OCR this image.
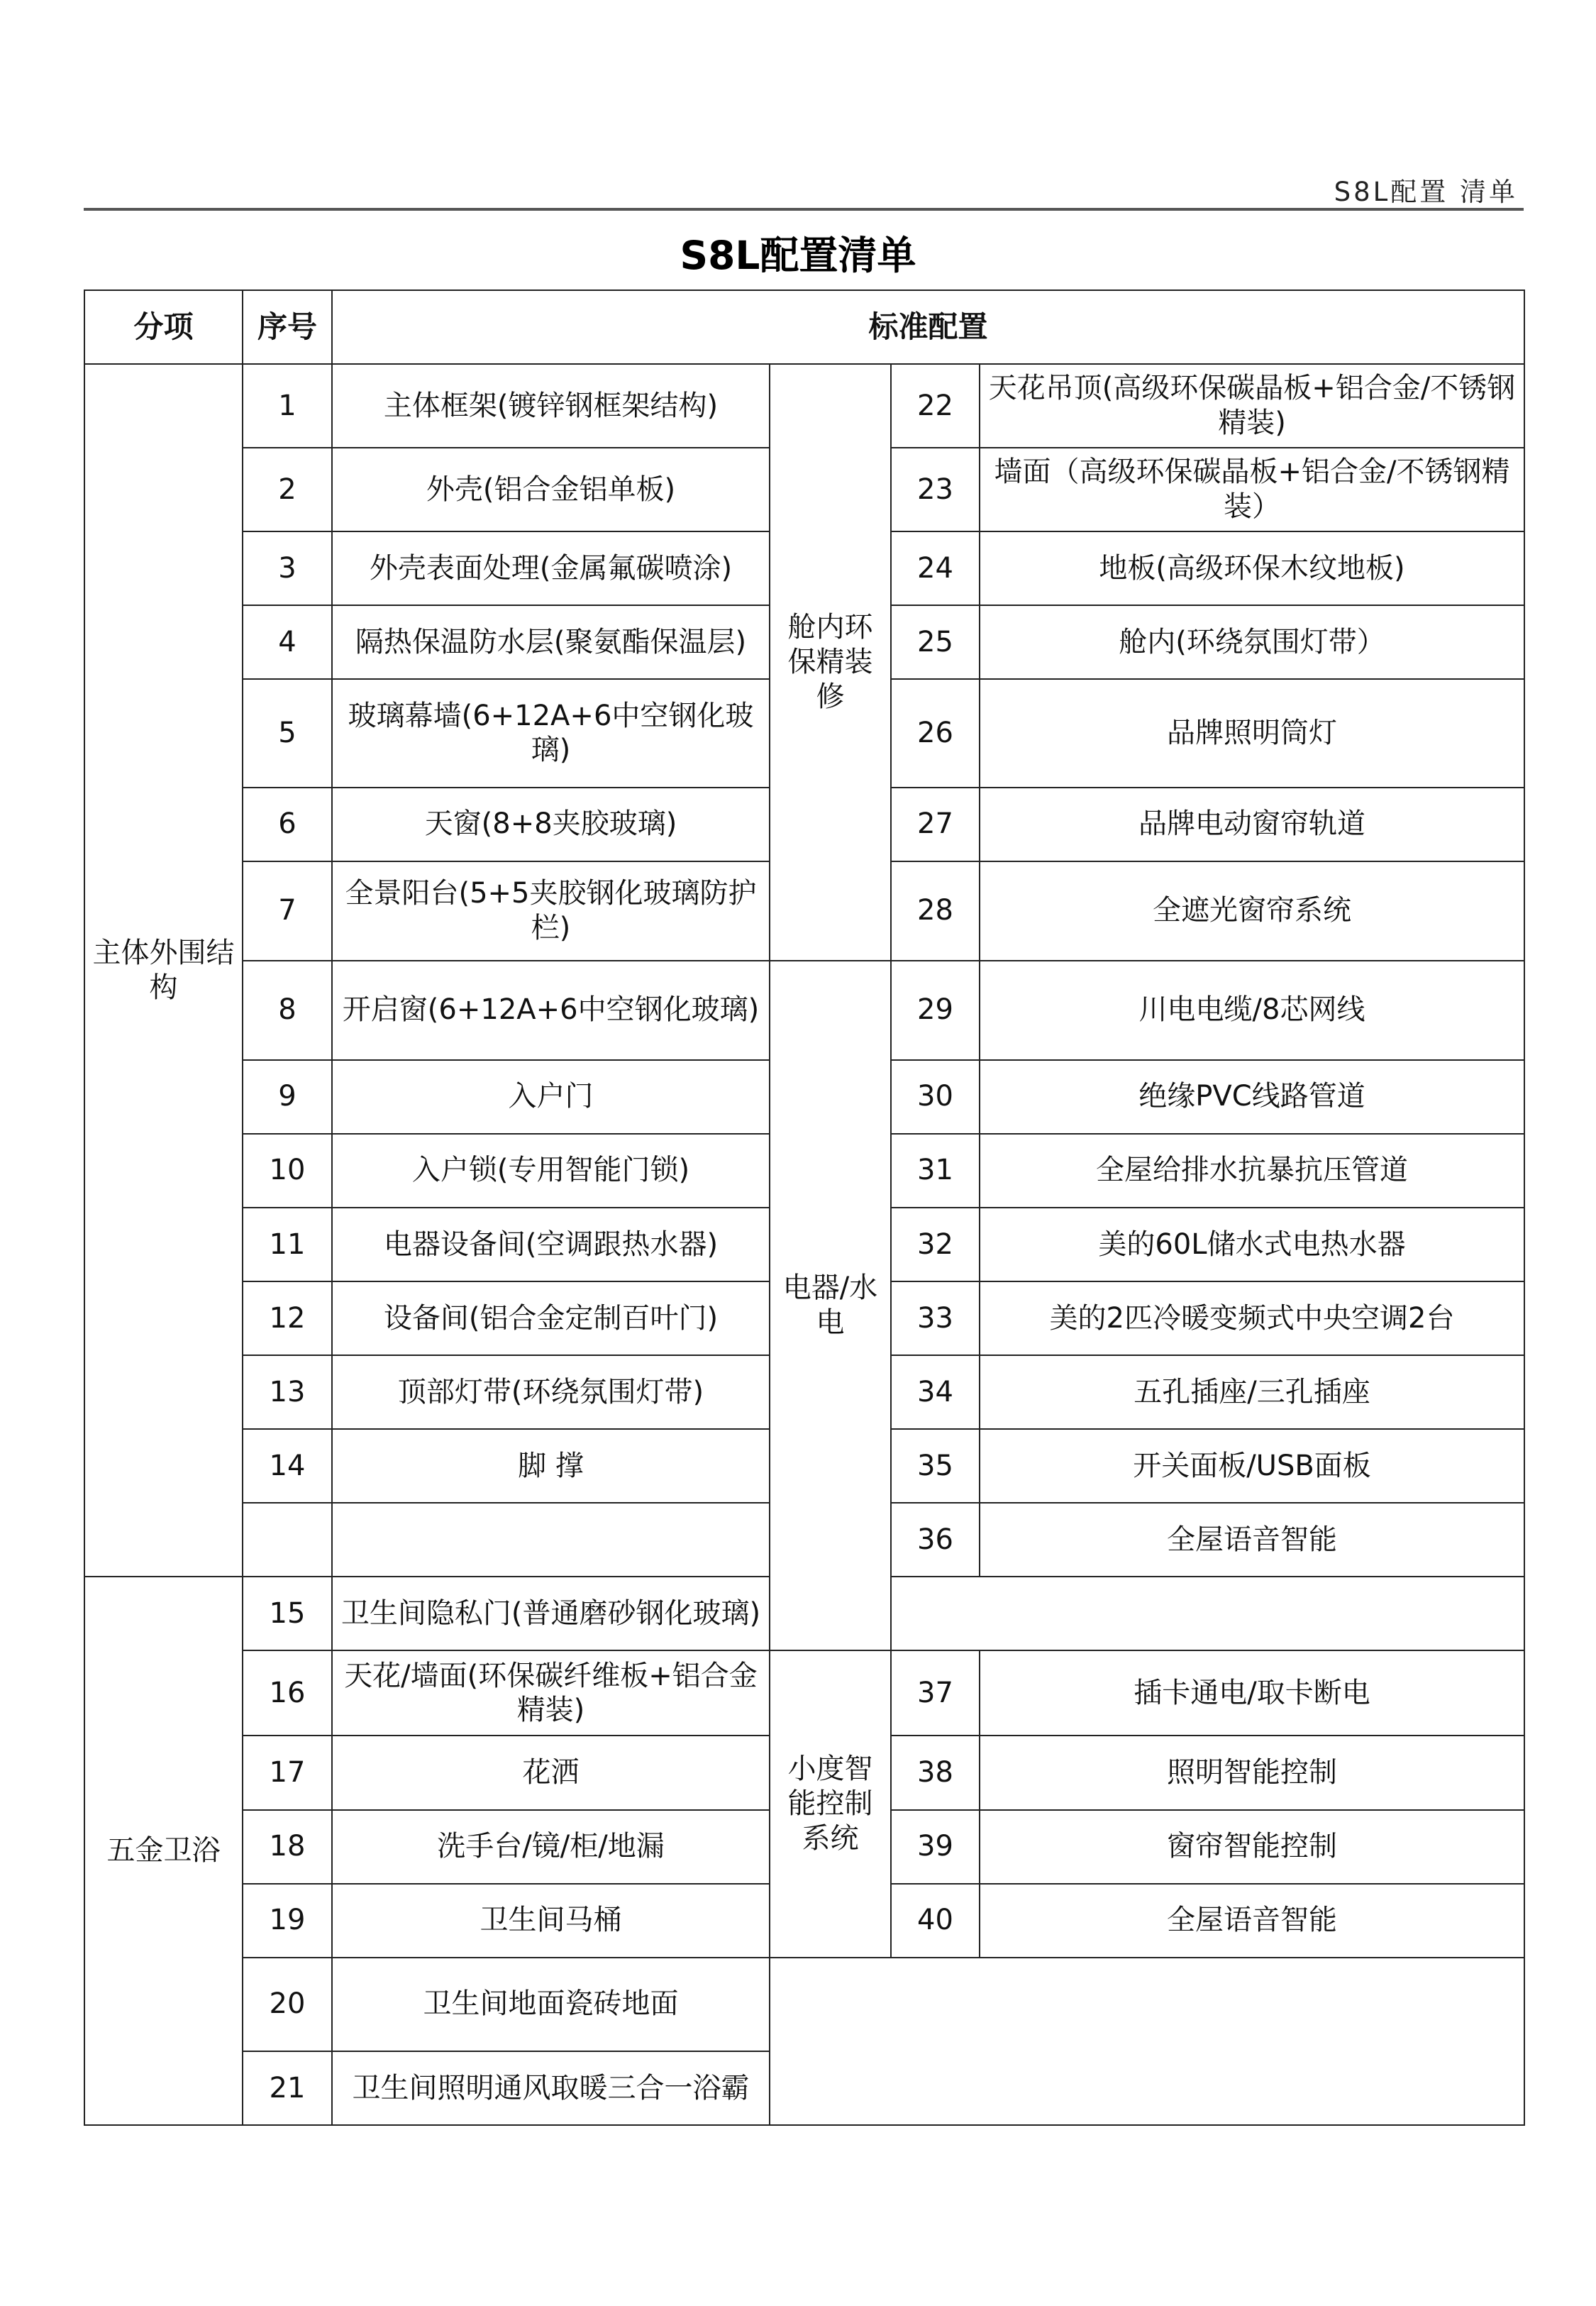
S8L配置 清单
S8L配置清单
分项	序号	标准配置			
主体外围结构	1	主体框架(镀锌钢框架结构)	舱内环保精装修	22	天花吊顶(高级环保碳晶板+铝合金/不锈钢精装)
	2	外壳(铝合金铝单板)		23	墙面（高级环保碳晶板+铝合金/不锈钢精装）
	3	外壳表面处理(金属氟碳喷涂)		24	地板(高级环保木纹地板)
	4	隔热保温防水层(聚氨酯保温层)		25	舱内(环绕氛围灯带）
	5	玻璃幕墙(6+12A+6中空钢化玻璃)		26	品牌照明筒灯
	6	天窗(8+8夹胶玻璃)		27	品牌电动窗帘轨道
	7	全景阳台(5+5夹胶钢化玻璃防护栏)		28	全遮光窗帘系统
	8	开启窗(6+12A+6中空钢化玻璃)	电器/水电	29	川电电缆/8芯网线
	9	入户门		30	绝缘PVC线路管道
	10	入户锁(专用智能门锁)		31	全屋给排水抗暴抗压管道
	11	电器设备间(空调跟热水器)		32	美的60L储水式电热水器
	12	设备间(铝合金定制百叶门)		33	美的2匹冷暖变频式中央空调2台
	13	顶部灯带(环绕氛围灯带)		34	五孔插座/三孔插座
	14	脚 撑		35	开关面板/USB面板
				36	全屋语音智能
五金卫浴	15	卫生间隐私门(普通磨砂钢化玻璃)			
	16	天花/墙面(环保碳纤维板+铝合金精装)	小度智能控制系统	37	插卡通电/取卡断电
	17	花洒		38	照明智能控制
	18	洗手台/镜/柜/地漏		39	窗帘智能控制
	19	卫生间马桶		40	全屋语音智能
	20	卫生间地面瓷砖地面			
	21	卫生间照明通风取暖三合一浴霸			
